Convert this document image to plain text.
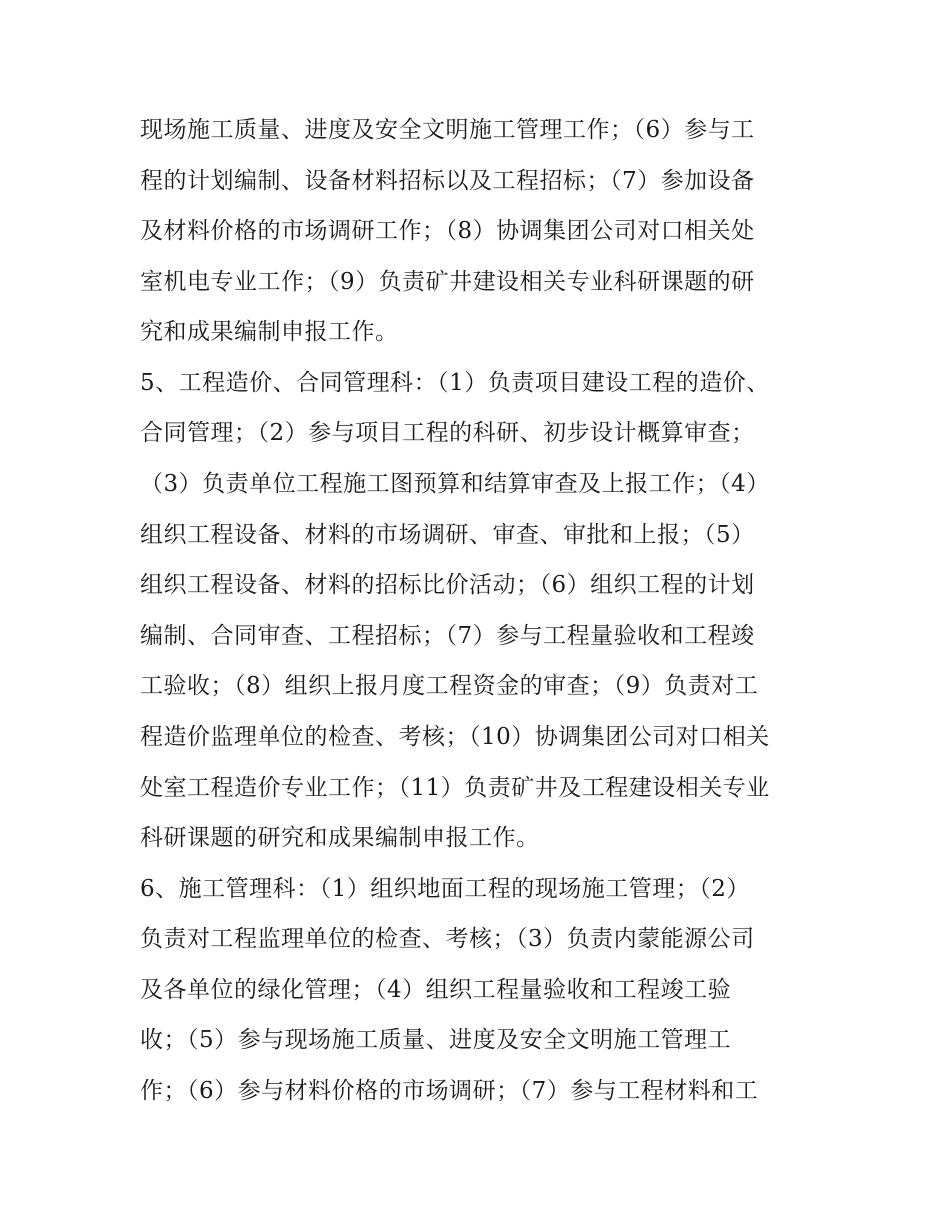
现场施工质量、进度及安全文明施工管理工作；（6）参与工
程的计划编制、设备材料招标以及工程招标；（7）参加设备
及材料价格的市场调研工作；（8）协调集团公司对口相关处
室机电专业工作；（9）负责矿井建设相关专业科研课题的研
究和成果编制申报工作。
5、工程造价、合同管理科：（1）负责项目建设工程的造价、
合同管理；（2）参与项目工程的科研、初步设计概算审查；
（3）负责单位工程施工图预算和结算审查及上报工作；（4）
组织工程设备、材料的市场调研、审查、审批和上报；（5）
组织工程设备、材料的招标比价活动；（6）组织工程的计划
编制、合同审查、工程招标；（7）参与工程量验收和工程竣
工验收；（8）组织上报月度工程资金的审查；（9）负责对工
程造价监理单位的检查、考核；（10）协调集团公司对口相关
处室工程造价专业工作；（11）负责矿井及工程建设相关专业
科研课题的研究和成果编制申报工作。
6、施工管理科：（1）组织地面工程的现场施工管理；（2）
负责对工程监理单位的检查、考核；（3）负责内蒙能源公司
及各单位的绿化管理；（4）组织工程量验收和工程竣工验
收；（5）参与现场施工质量、进度及安全文明施工管理工
作；（6）参与材料价格的市场调研；（7）参与工程材料和工
